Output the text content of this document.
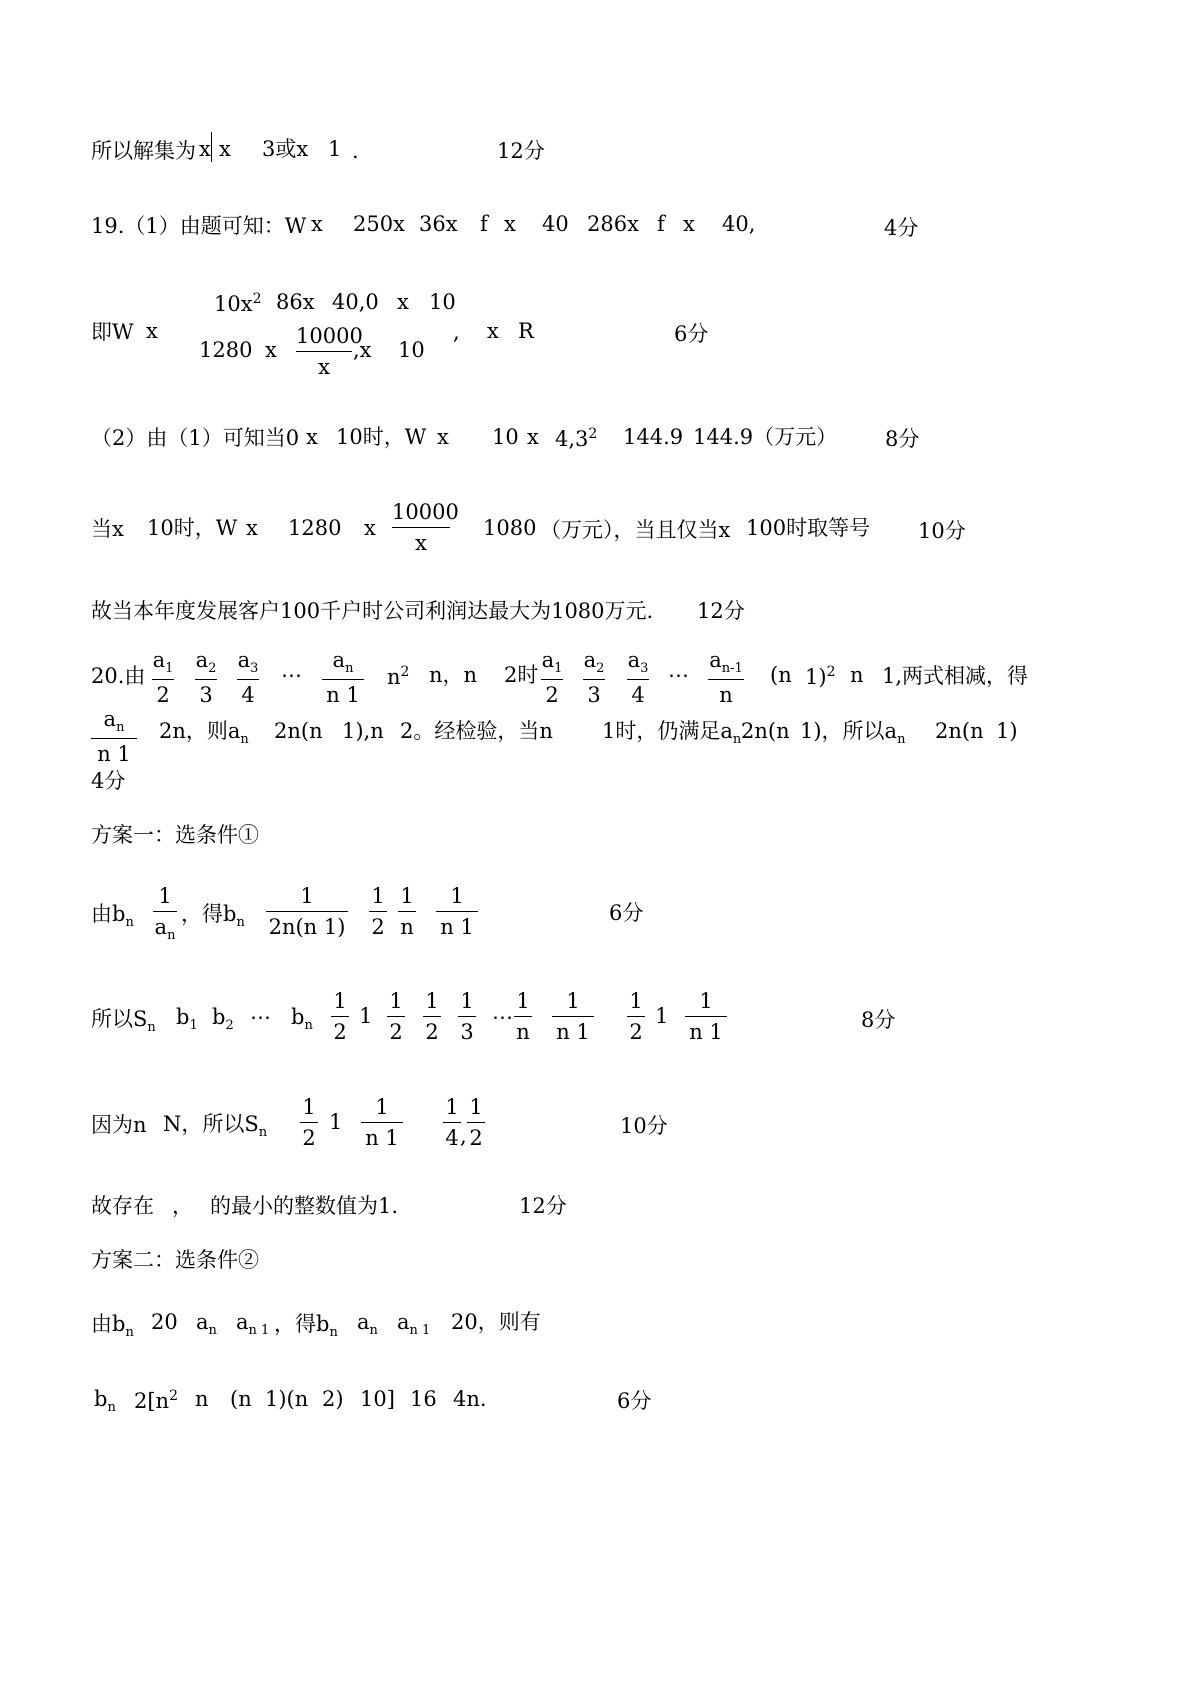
所以解集为 x x 3或x 1 .	12分
19.（1）由题可知：W x 250x 36x f x 40 286x f x 40,	4分
$10x^2$ 86x 40,0 x 10
即W x
1280 x
10000
x
,x 10
, x R	6分
（2）由（1）可知当0 x 10时，W x 10 x $4,3^2$ 144.9 144.9（万元） 8分
当x 10时，W x 1280 x
10000
x
1080 （万元），当且仅当x 100时取等号 10分
故当本年度发展客户100千户时公司利润达最大为1080万元. 12分
20.由
$a_1$
2
$a_2$
3
$a_3$
4
⋯
$a_n$
n 1
$n^2$ n，n 2时
$a_1$
2
$a_2$
3
$a_3$
4
⋯
$a_{n-1}$
n
(n 1)$^2$ n 1,两式相减，得
$a_n$
n 1
2n，则$a_n$ 2n(n 1),n 2。经检验，当n 1时，仍满足$a_n$ 2n(n 1)，所以$a_n$ 2n(n 1)
4分
方案一：选条件①
由$b_n$
1
$a_n$
，得$b_n$
1
2n(n 1)
1
2
1
n
1
n 1
6分
所以$S_n$ $b_1$ $b_2$ ⋯ $b_n$
1
2
1
1
2
1
2
1
3
⋯
1
n
1
n 1
1
2
1
1
n 1	8分
因为n N，所以$S_n$
1
2
1
1
n 1
1
4 ,
1
2	10分
故存在 ， 的最小的整数值为1.	12分
方案二：选条件②
由$b_n$ 20 $a_n$ $a_{n 1}$ ，得$b_n$ $a_n$ $a_{n 1}$ 20，则有
$b_n$ $2[n^2$ n (n 1)(n 2) 10] 16 4n.	6分
